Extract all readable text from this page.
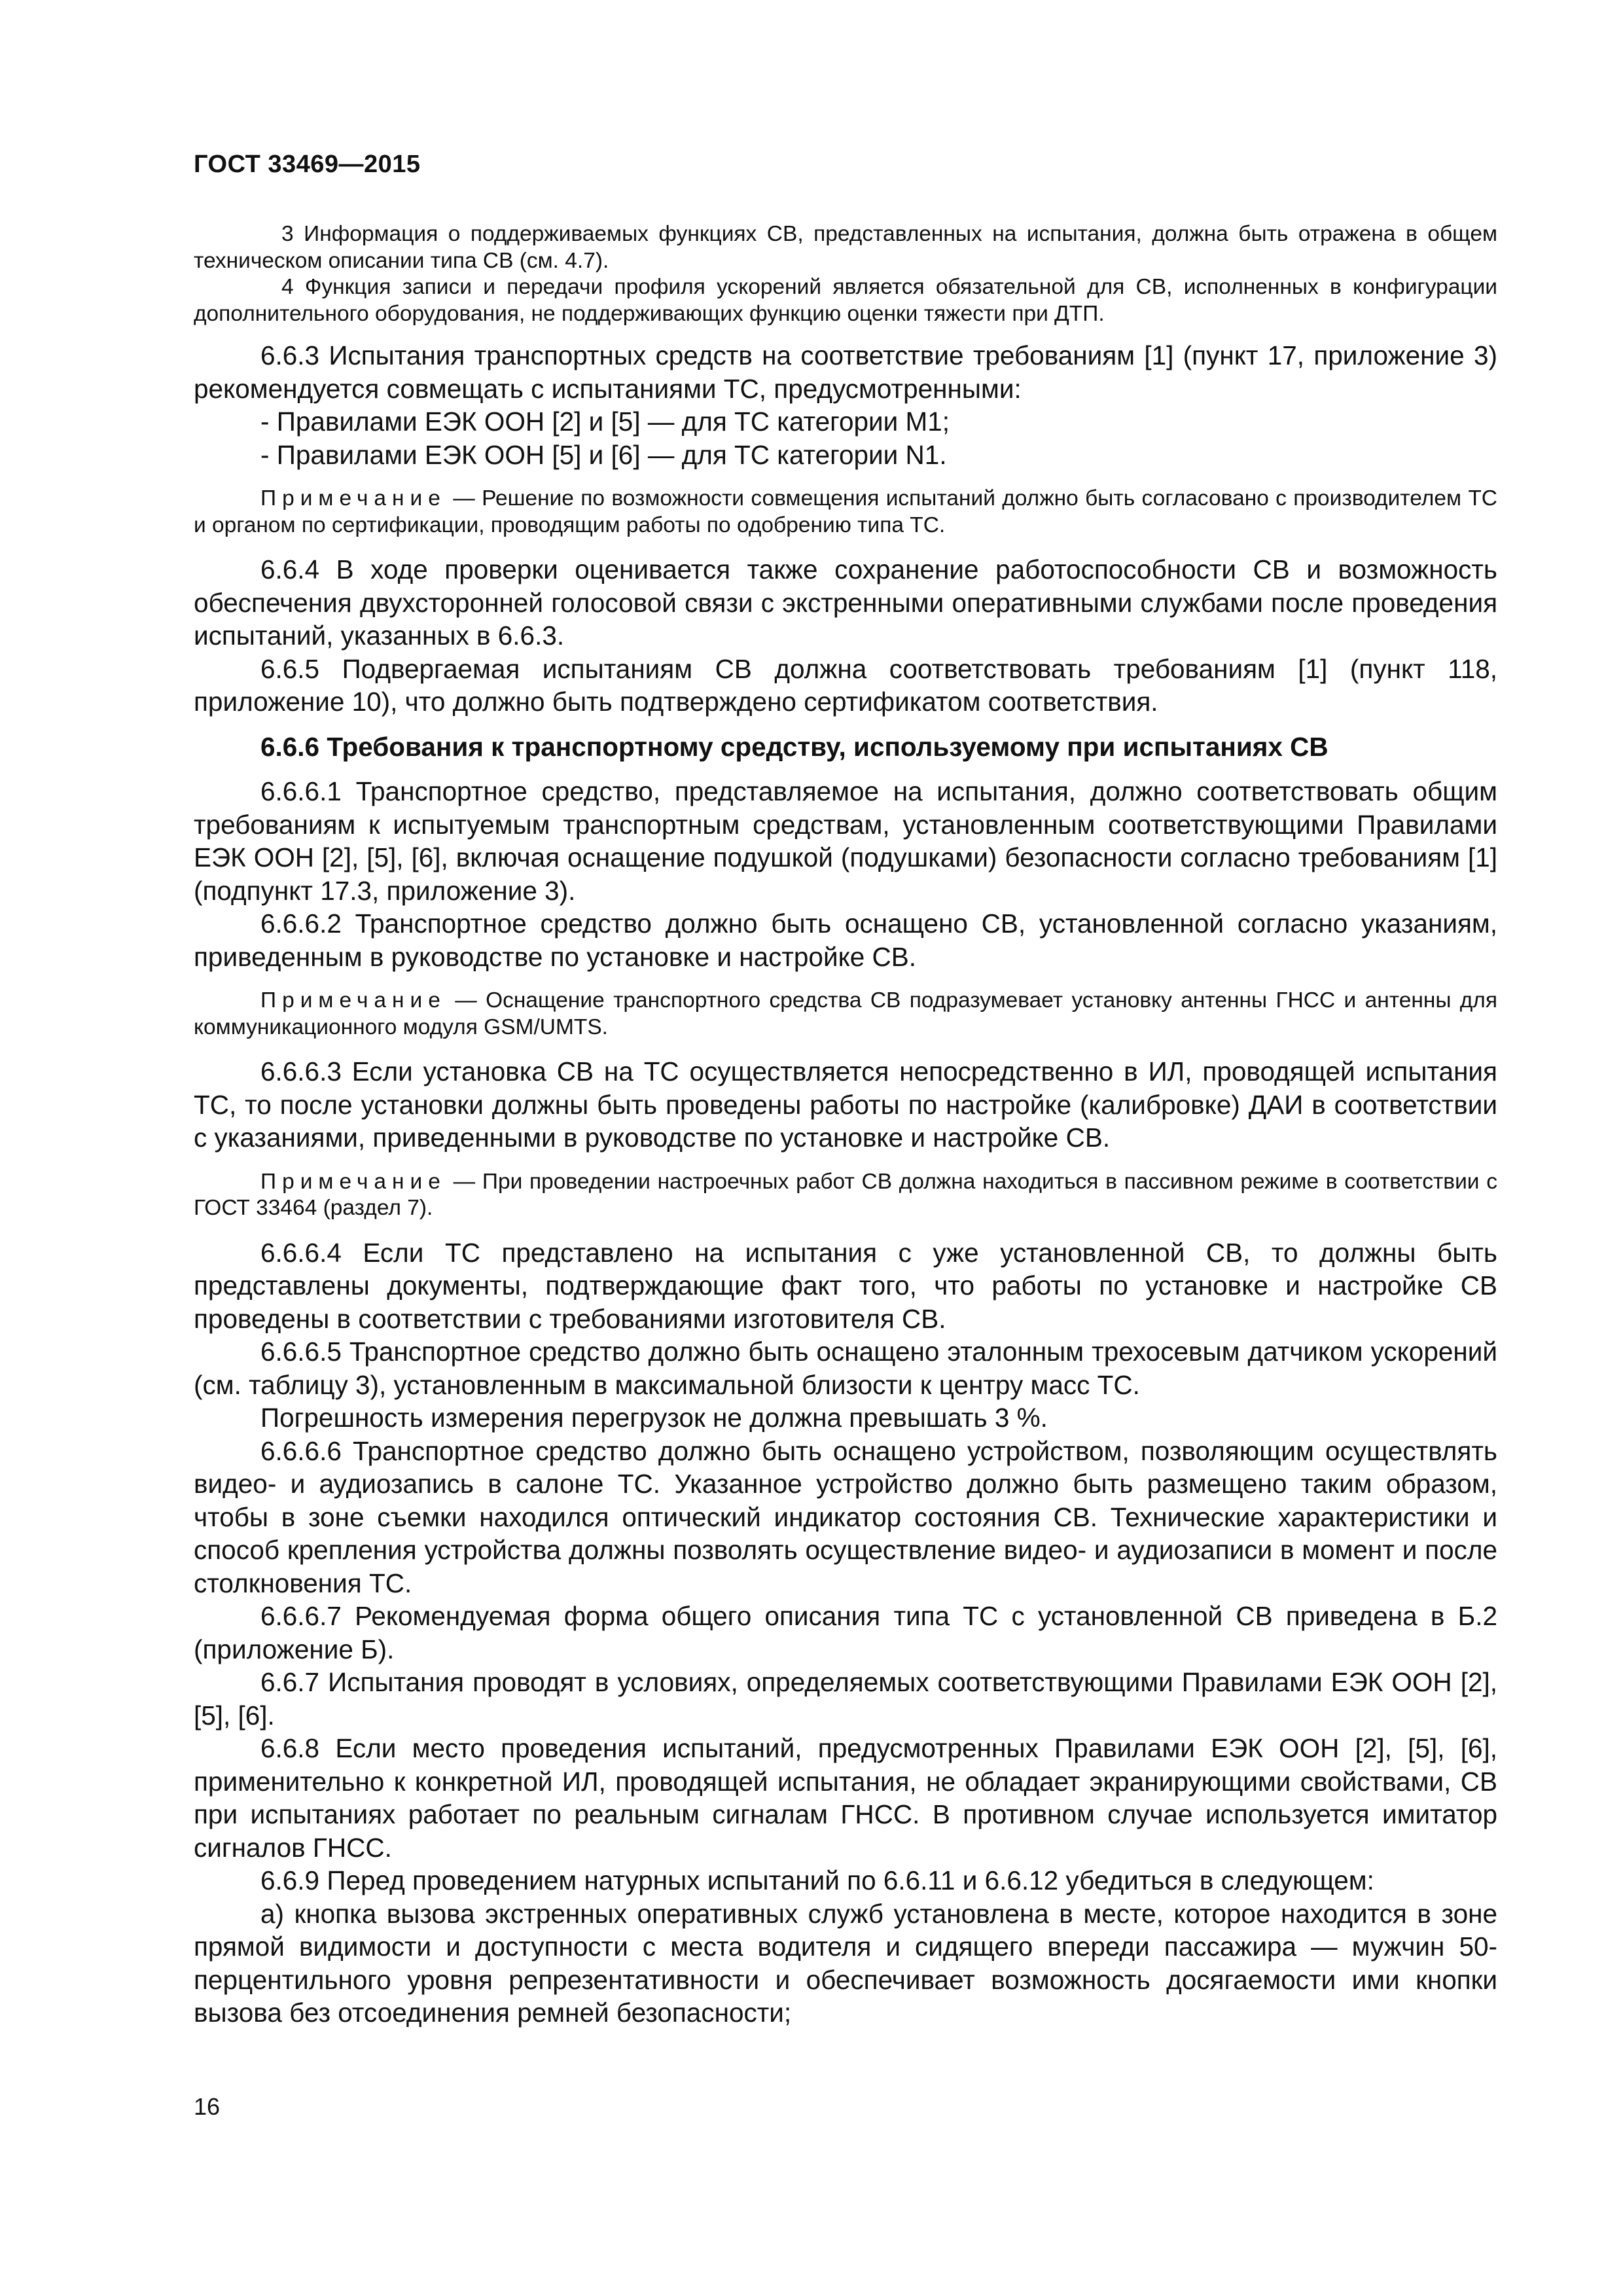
ГОСТ 33469—2015

3 Информация о поддерживаемых функциях СВ, представленных на испытания, должна быть отражена в общем техническом описании типа СВ (см. 4.7).

4 Функция записи и передачи профиля ускорений является обязательной для СВ, исполненных в конфигурации дополнительного оборудования, не поддерживающих функцию оценки тяжести при ДТП.

6.6.3 Испытания транспортных средств на соответствие требованиям [1] (пункт 17, приложение 3) рекомендуется совмещать с испытаниями ТС, предусмотренными:

- Правилами ЕЭК ООН [2] и [5] — для ТС категории М1;

- Правилами ЕЭК ООН [5] и [6] — для ТС категории N1.

Примечание — Решение по возможности совмещения испытаний должно быть согласовано с производителем ТС и органом по сертификации, проводящим работы по одобрению типа ТС.

6.6.4 В ходе проверки оценивается также сохранение работоспособности СВ и возможность обеспечения двухсторонней голосовой связи с экстренными оперативными службами после проведения испытаний, указанных в 6.6.3.

6.6.5 Подвергаемая испытаниям СВ должна соответствовать требованиям [1] (пункт 118, приложение 10), что должно быть подтверждено сертификатом соответствия.

6.6.6 Требования к транспортному средству, используемому при испытаниях СВ

6.6.6.1 Транспортное средство, представляемое на испытания, должно соответствовать общим требованиям к испытуемым транспортным средствам, установленным соответствующими Правилами ЕЭК ООН [2], [5], [6], включая оснащение подушкой (подушками) безопасности согласно требованиям [1] (подпункт 17.3, приложение 3).

6.6.6.2 Транспортное средство должно быть оснащено СВ, установленной согласно указаниям, приведенным в руководстве по установке и настройке СВ.

Примечание — Оснащение транспортного средства СВ подразумевает установку антенны ГНСС и антенны для коммуникационного модуля GSM/UMTS.

6.6.6.3 Если установка СВ на ТС осуществляется непосредственно в ИЛ, проводящей испытания ТС, то после установки должны быть проведены работы по настройке (калибровке) ДАИ в соответствии с указаниями, приведенными в руководстве по установке и настройке СВ.

Примечание — При проведении настроечных работ СВ должна находиться в пассивном режиме в соответствии с ГОСТ 33464 (раздел 7).

6.6.6.4 Если ТС представлено на испытания с уже установленной СВ, то должны быть представлены документы, подтверждающие факт того, что работы по установке и настройке СВ проведены в соответствии с требованиями изготовителя СВ.

6.6.6.5 Транспортное средство должно быть оснащено эталонным трехосевым датчиком ускорений (см. таблицу 3), установленным в максимальной близости к центру масс ТС.

Погрешность измерения перегрузок не должна превышать 3 %.

6.6.6.6 Транспортное средство должно быть оснащено устройством, позволяющим осуществлять видео- и аудиозапись в салоне ТС. Указанное устройство должно быть размещено таким образом, чтобы в зоне съемки находился оптический индикатор состояния СВ. Технические характеристики и способ крепления устройства должны позволять осуществление видео- и аудиозаписи в момент и после столкновения ТС.

6.6.6.7 Рекомендуемая форма общего описания типа ТС с установленной СВ приведена в Б.2 (приложение Б).

6.6.7 Испытания проводят в условиях, определяемых соответствующими Правилами ЕЭК ООН [2], [5], [6].

6.6.8 Если место проведения испытаний, предусмотренных Правилами ЕЭК ООН [2], [5], [6], применительно к конкретной ИЛ, проводящей испытания, не обладает экранирующими свойствами, СВ при испытаниях работает по реальным сигналам ГНСС. В противном случае используется имитатор сигналов ГНСС.

6.6.9 Перед проведением натурных испытаний по 6.6.11 и 6.6.12 убедиться в следующем:

а) кнопка вызова экстренных оперативных служб установлена в месте, которое находится в зоне прямой видимости и доступности с места водителя и сидящего впереди пассажира — мужчин 50-перцентильного уровня репрезентативности и обеспечивает возможность досягаемости ими кнопки вызова без отсоединения ремней безопасности;

16
